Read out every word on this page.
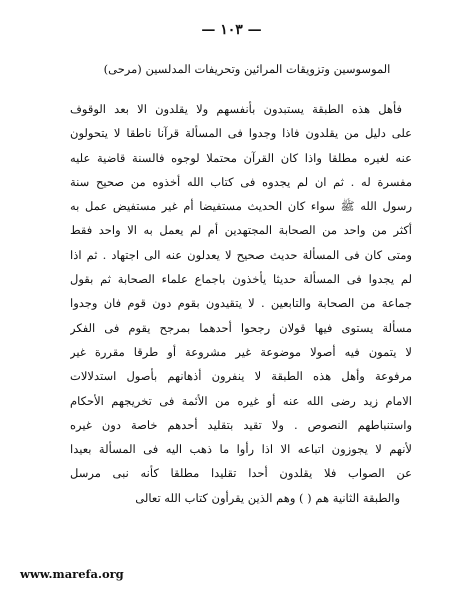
— ١٠٣ —
الموسوسين وتزويقات المرائين وتحريفات المدلسين (مرحى)
فأهل هذه الطبقة يستبدون بأنفسهم ولا يقلدون الا بعد الوقوف
على دليل من يقلدون فاذا وجدوا فى المسألة قرآنا ناطقا لا يتحولون
عنه لغيره مطلقا واذا كان القرآن محتملا لوجوه فالسنة قاضية عليه
مفسرة له . ثم ان لم يجدوه فى كتاب الله أخذوه من صحيح سنة
رسول الله ﷺ سواء كان الحديث مستفيضا أم غير مستفيض عمل به
أكثر من واحد من الصحابة المجتهدين أم لم يعمل به الا واحد فقط
ومتى كان فى المسألة حديث صحيح لا يعدلون عنه الى اجتهاد . ثم اذا
لم يجدوا فى المسألة حديثا يأخذون باجماع علماء الصحابة ثم بقول
جماعة من الصحابة والتابعين . لا يتقيدون بقوم دون قوم فان وجدوا
مسألة يستوى فيها قولان رجحوا أحدهما بمرجح يقوم فى الفكر
لا يتمون فيه أصولا موضوعة غير مشروعة أو طرقا مقررة غير
مرفوعة وأهل هذه الطبقة لا ينفرون أذهانهم بأصول استدلالات
الامام زيد رضى الله عنه أو غيره من الأئمة فى تخريجهم الأحكام
واستنباطهم النصوص . ولا تقيد بتقليد أحدهم خاصة دون غيره
لأنهم لا يجوزون اتباعه الا اذا رأوا ما ذهب اليه فى المسألة بعيدا
عن الصواب فلا يقلدون أحدا تقليدا مطلقا كأنه نبى مرسل
والطبقة الثانية هم ( ) وهم الذين يقرأون كتاب الله تعالى
www.marefa.org
